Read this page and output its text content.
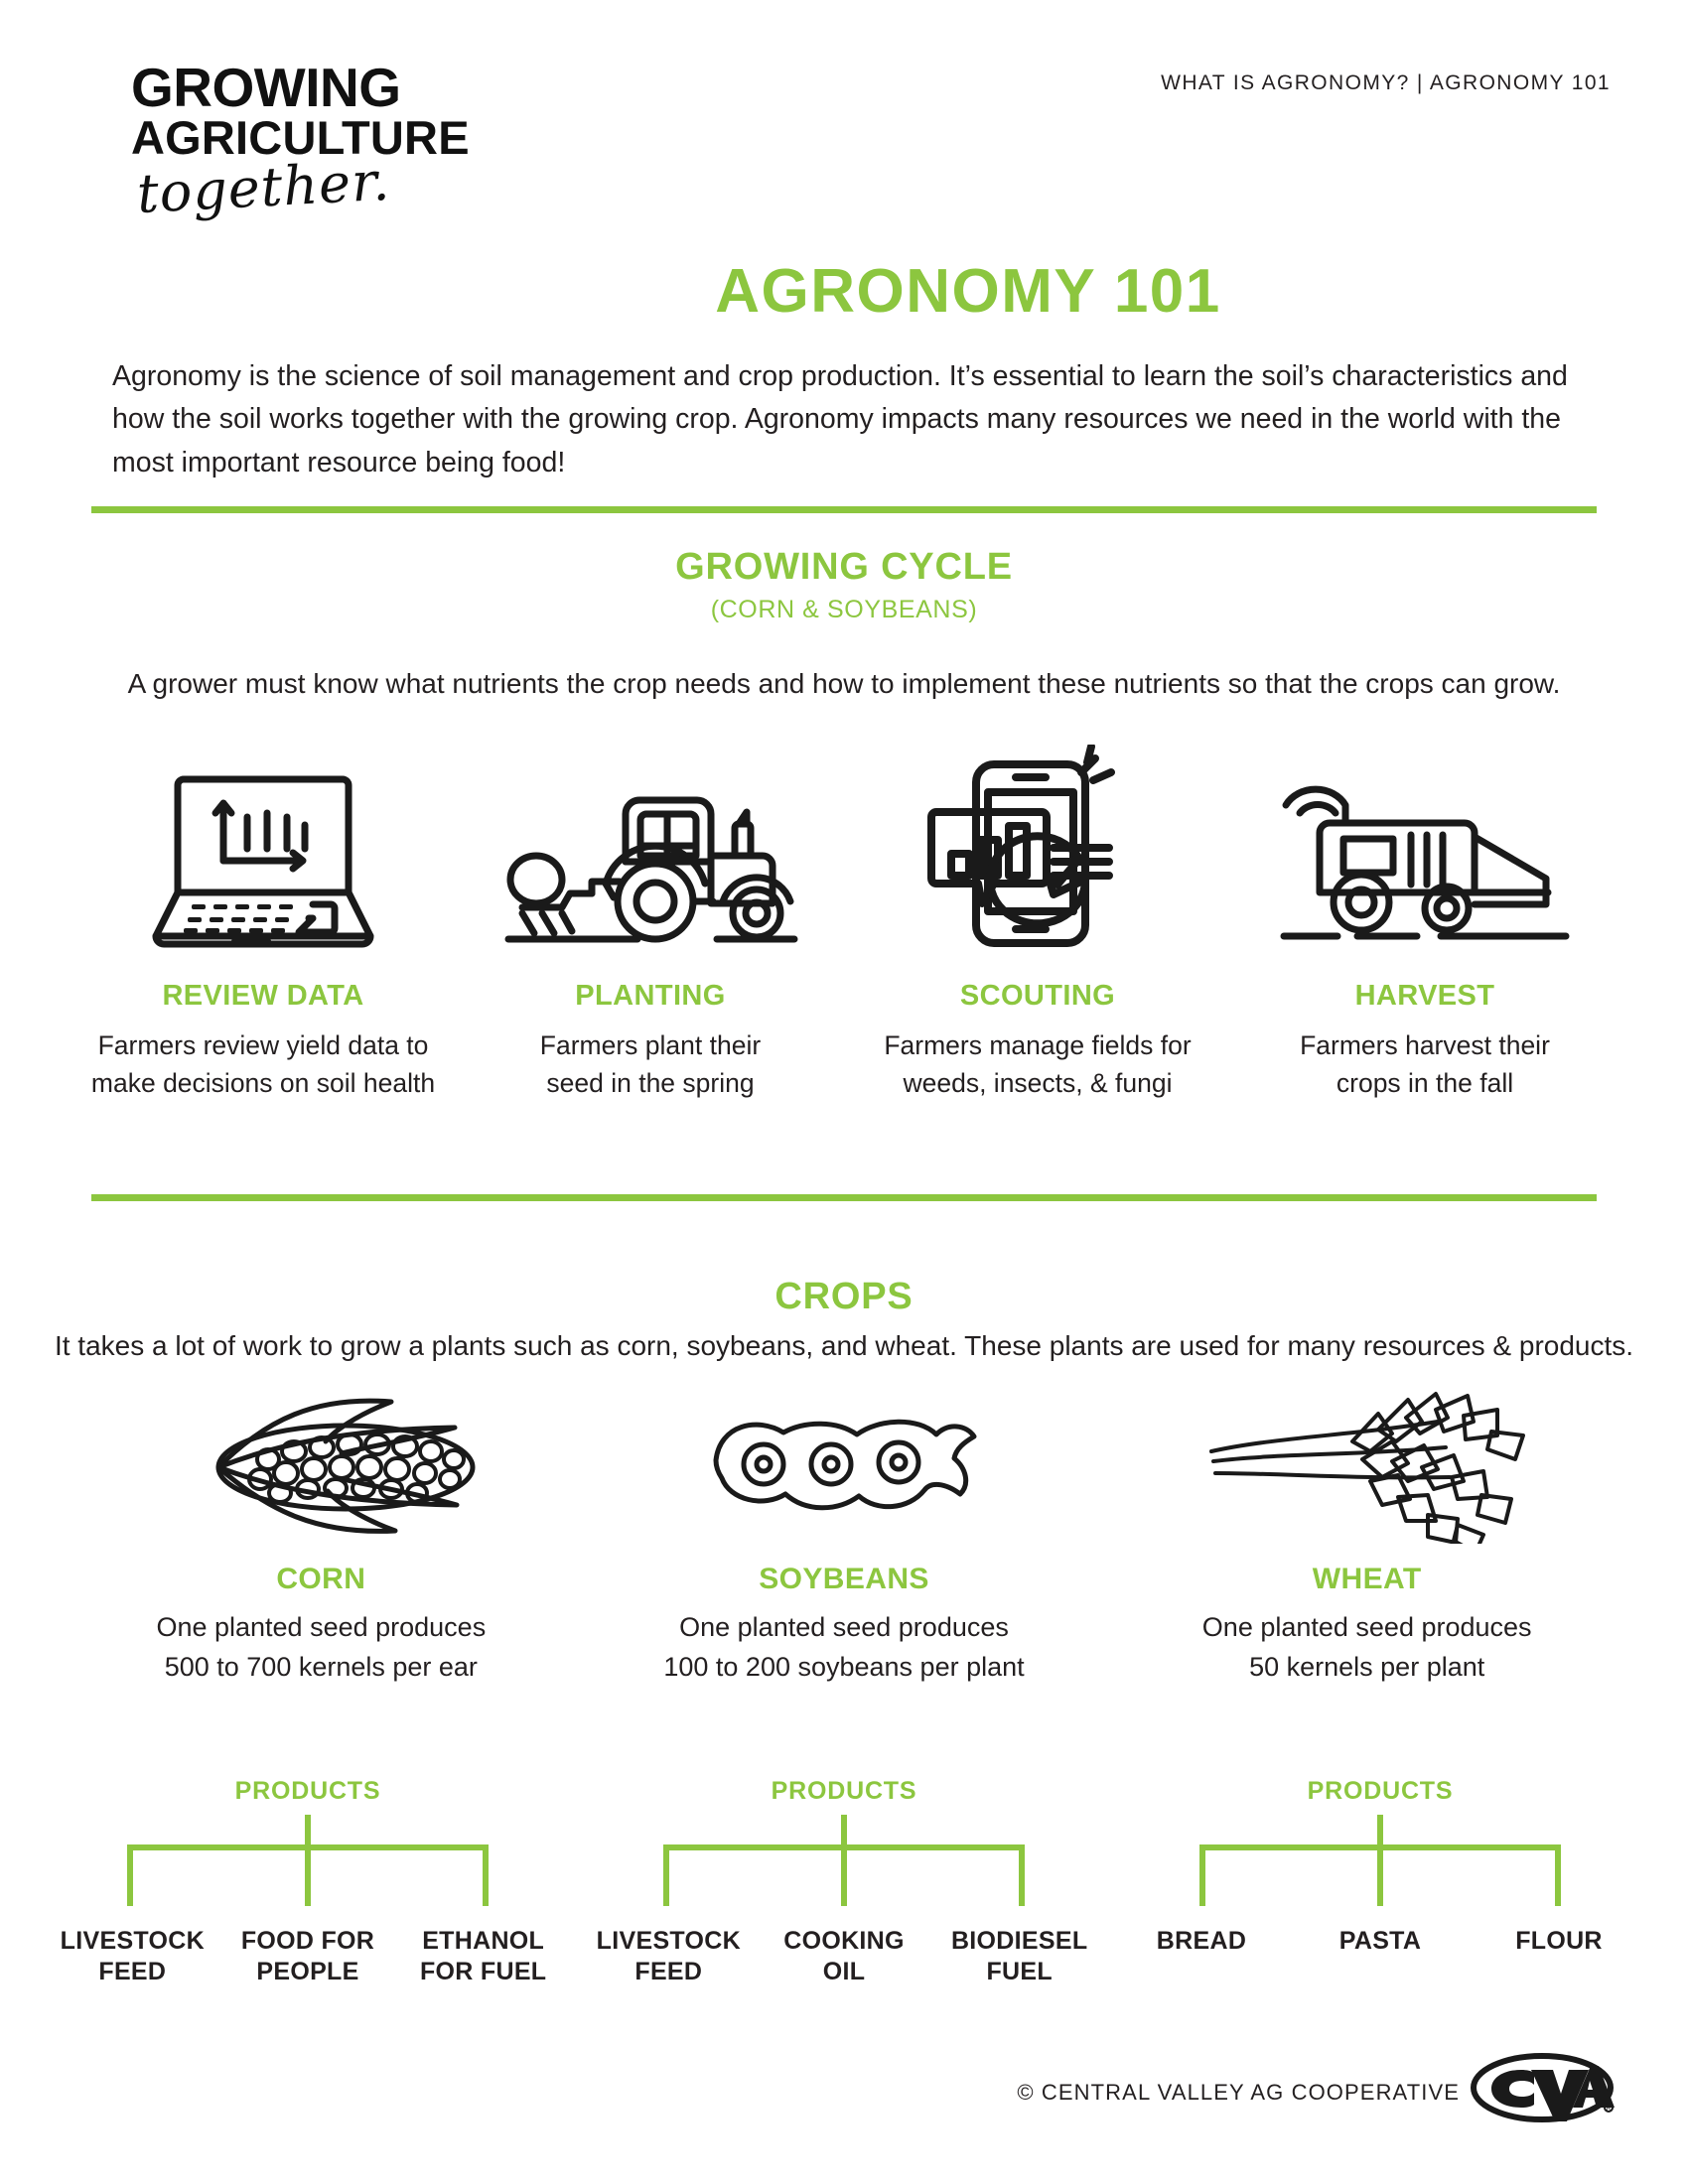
WHAT IS AGRONOMY? | AGRONOMY 101
GROWING
AGRICULTURE
together.
AGRONOMY 101
Agronomy is the science of soil management and crop production. It’s essential to learn the soil’s characteristics and how the soil works together with the growing crop. Agronomy impacts many resources we need in the world with the most important resource being food!
GROWING CYCLE
(CORN & SOYBEANS)
A grower must know what nutrients the crop needs and how to implement these nutrients so that the crops can grow.
REVIEW DATA
Farmers review yield data to
make decisions on soil health
PLANTING
Farmers plant their
seed in the spring
SCOUTING
Farmers manage fields for
weeds, insects, & fungi
HARVEST
Farmers harvest their
crops in the fall
CROPS
It takes a lot of work to grow a plants such as corn, soybeans, and wheat. These plants are used for many resources & products.
CORN
One planted seed produces
500 to 700 kernels per ear
SOYBEANS
One planted seed produces
100 to 200 soybeans per plant
WHEAT
One planted seed produces
50 kernels per plant
PRODUCTS
LIVESTOCK
FEED
FOOD FOR
PEOPLE
ETHANOL
FOR FUEL
PRODUCTS
LIVESTOCK
FEED
COOKING
OIL
BIODIESEL
FUEL
PRODUCTS
BREAD	PASTA	FLOUR
© CENTRAL VALLEY AG COOPERATIVE
R
